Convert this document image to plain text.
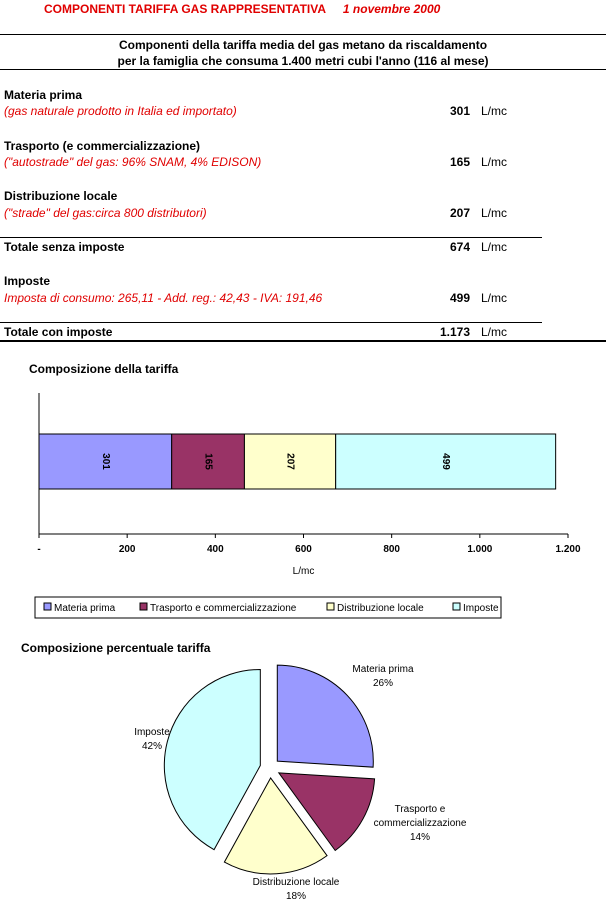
COMPONENTI TARIFFA GAS RAPPRESENTATIVA 1 novembre 2000
Componenti della tariffa media del gas metano da riscaldamento
per la famiglia che consuma 1.400 metri cubi l'anno (116 al mese)
Materia prima
(gas naturale prodotto in Italia ed importato)	301 L/mc
Trasporto (e commercializzazione)
("autostrade" del gas: 96% SNAM, 4% EDISON)	165 L/mc
Distribuzione locale
("strade" del gas:circa 800 distributori)	207 L/mc
Totale senza imposte	674 L/mc
Imposte
Imposta di consumo: 265,11 - Add. reg.: 42,43 - IVA: 191,46	499 L/mc
Totale con imposte	1.173 L/mc
Composizione della tariffa
-	200	400	600	800	1.000	1.200
L/mc
301	165	207	499
Materia prima	Trasporto e commercializzazione	Distribuzione locale	Imposte
Composizione percentuale tariffa
Materia prima
26%
Trasporto e
commercializzazione
14%
Distribuzione locale
18%
Imposte
42%
